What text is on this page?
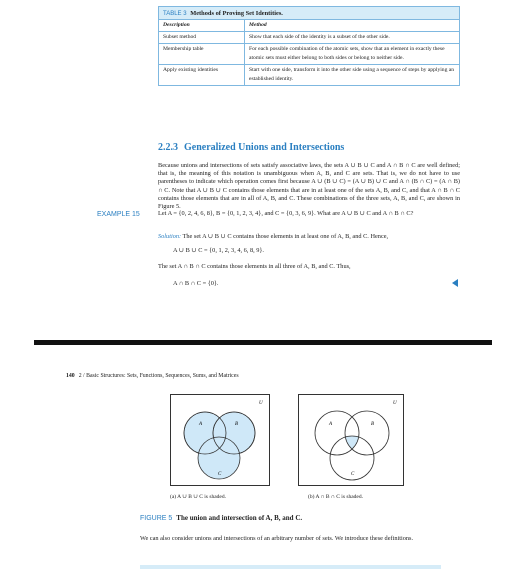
TABLE 3 Methods of Proving Set Identities.
Description	Method
Subset method	Show that each side of the identity is a subset of the other side.
Membership table	For each possible combination of the atomic sets, show that an element in exactly these atomic sets must either belong to both sides or belong to neither side.
Apply existing identities	Start with one side, transform it into the other side using a sequence of steps by applying an established identity.
2.2.3 Generalized Unions and Intersections
Because unions and intersections of sets satisfy associative laws, the sets A ∪ B ∪ C and A ∩ B ∩ C are well defined; that is, the meaning of this notation is unambiguous when A, B, and C are sets. That is, we do not have to use parentheses to indicate which operation comes first because A ∪ (B ∪ C) = (A ∪ B) ∪ C and A ∩ (B ∩ C) = (A ∩ B) ∩ C. Note that A ∪ B ∪ C contains those elements that are in at least one of the sets A, B, and C, and that A ∩ B ∩ C contains those elements that are in all of A, B, and C. These combinations of the three sets, A, B, and C, are shown in Figure 5.
EXAMPLE 15	Let A = {0, 2, 4, 6, 8}, B = {0, 1, 2, 3, 4}, and C = {0, 3, 6, 9}. What are A ∪ B ∪ C and A ∩ B ∩ C?
Solution: The set A ∪ B ∪ C contains those elements in at least one of A, B, and C. Hence,
A ∪ B ∪ C = {0, 1, 2, 3, 4, 6, 8, 9}.
The set A ∩ B ∩ C contains those elements in all three of A, B, and C. Thus,
A ∩ B ∩ C = {0}.
140 2 / Basic Structures: Sets, Functions, Sequences, Sums, and Matrices
U
A	B
C
U
A	B
C
(a) A ∪ B ∪ C is shaded.	(b) A ∩ B ∩ C is shaded.
FIGURE 5 The union and intersection of A, B, and C.
We can also consider unions and intersections of an arbitrary number of sets. We introduce these definitions.
